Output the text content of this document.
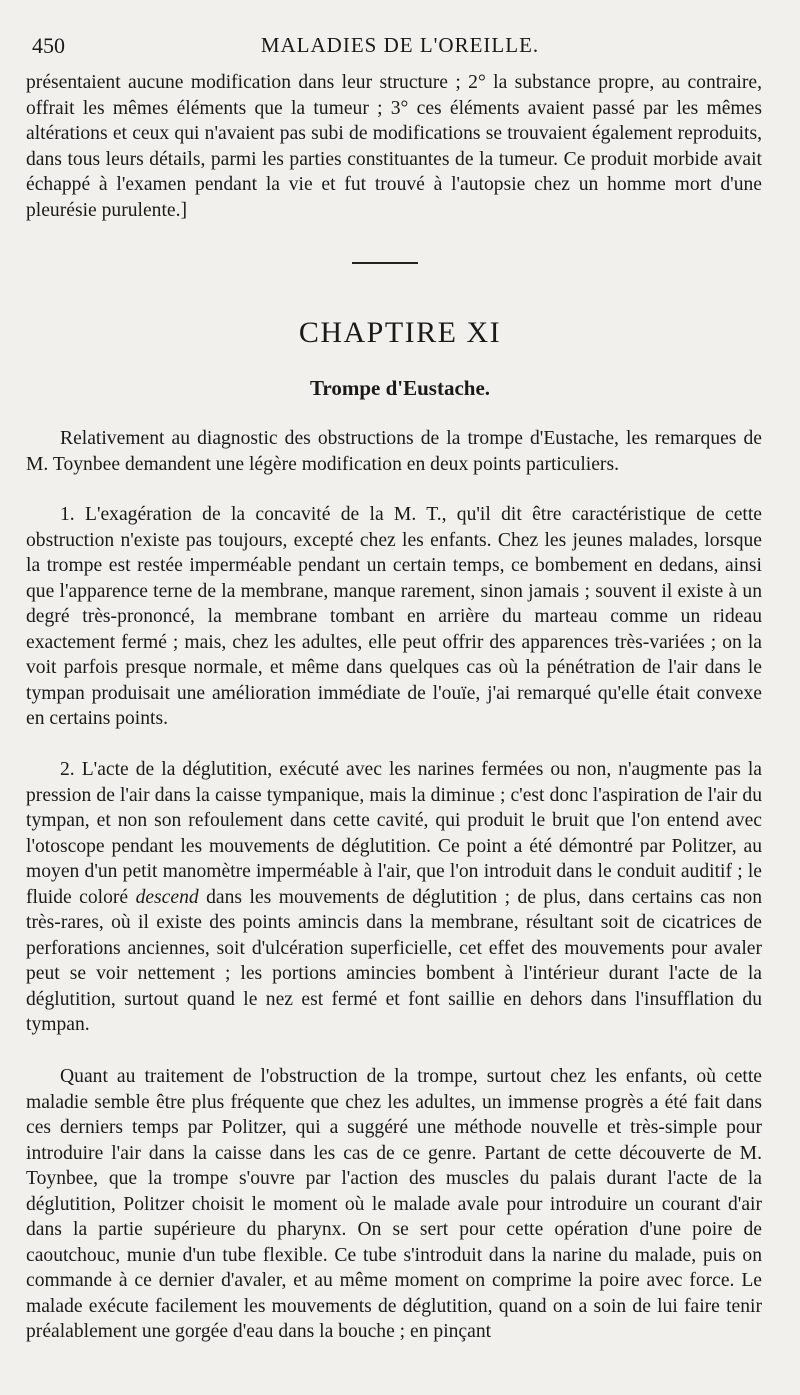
450	MALADIES DE L'OREILLE.

présentaient aucune modification dans leur structure ; 2° la substance propre, au contraire, offrait les mêmes éléments que la tumeur ; 3° ces éléments avaient passé par les mêmes altérations et ceux qui n'avaient pas subi de modifications se trouvaient également reproduits, dans tous leurs détails, parmi les parties constituantes de la tumeur. Ce produit morbide avait échappé à l'examen pendant la vie et fut trouvé à l'autopsie chez un homme mort d'une pleurésie purulente.]

CHAPTIRE XI
Trompe d'Eustache.

Relativement au diagnostic des obstructions de la trompe d'Eustache, les remarques de M. Toynbee demandent une légère modification en deux points particuliers.

1. L'exagération de la concavité de la M. T., qu'il dit être caractéristique de cette obstruction n'existe pas toujours, excepté chez les enfants. Chez les jeunes malades, lorsque la trompe est restée imperméable pendant un certain temps, ce bombement en dedans, ainsi que l'apparence terne de la membrane, manque rarement, sinon jamais ; souvent il existe à un degré très-prononcé, la membrane tombant en arrière du marteau comme un rideau exactement fermé ; mais, chez les adultes, elle peut offrir des apparences très-variées ; on la voit parfois presque normale, et même dans quelques cas où la pénétration de l'air dans le tympan produisait une amélioration immédiate de l'ouïe, j'ai remarqué qu'elle était convexe en certains points.

2. L'acte de la déglutition, exécuté avec les narines fermées ou non, n'augmente pas la pression de l'air dans la caisse tympanique, mais la diminue ; c'est donc l'aspiration de l'air du tympan, et non son refoulement dans cette cavité, qui produit le bruit que l'on entend avec l'otoscope pendant les mouvements de déglutition. Ce point a été démontré par Politzer, au moyen d'un petit manomètre imperméable à l'air, que l'on introduit dans le conduit auditif ; le fluide coloré descend dans les mouvements de déglutition ; de plus, dans certains cas non très-rares, où il existe des points amincis dans la membrane, résultant soit de cicatrices de perforations anciennes, soit d'ulcération superficielle, cet effet des mouvements pour avaler peut se voir nettement ; les portions amincies bombent à l'intérieur durant l'acte de la déglutition, surtout quand le nez est fermé et font saillie en dehors dans l'insufflation du tympan.

Quant au traitement de l'obstruction de la trompe, surtout chez les enfants, où cette maladie semble être plus fréquente que chez les adultes, un immense progrès a été fait dans ces derniers temps par Politzer, qui a suggéré une méthode nouvelle et très-simple pour introduire l'air dans la caisse dans les cas de ce genre. Partant de cette découverte de M. Toynbee, que la trompe s'ouvre par l'action des muscles du palais durant l'acte de la déglutition, Politzer choisit le moment où le malade avale pour introduire un courant d'air dans la partie supérieure du pharynx. On se sert pour cette opération d'une poire de caoutchouc, munie d'un tube flexible. Ce tube s'introduit dans la narine du malade, puis on commande à ce dernier d'avaler, et au même moment on comprime la poire avec force. Le malade exécute facilement les mouvements de déglutition, quand on a soin de lui faire tenir préalablement une gorgée d'eau dans la bouche ; en pinçant
